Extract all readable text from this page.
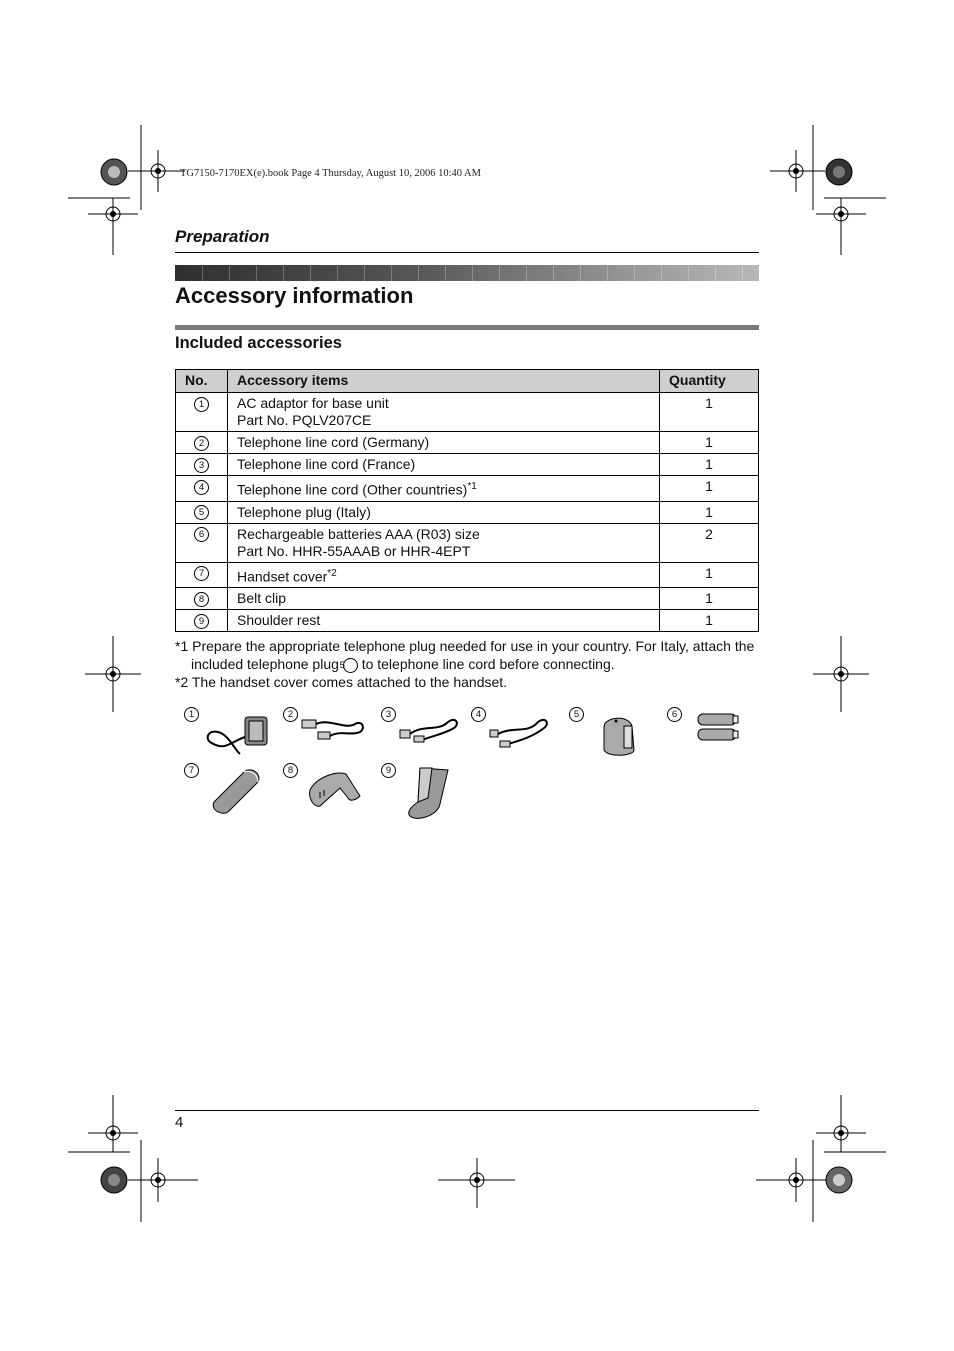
TG7150-7170EX(e).book Page 4 Thursday, August 10, 2006 10:40 AM
Preparation
Accessory information
Included accessories
No.	Accessory items	Quantity
1	AC adaptor for base unit
Part No. PQLV207CE	1
2	Telephone line cord (Germany)	1
3	Telephone line cord (France)	1
4	Telephone line cord (Other countries)$^{*1}$	1
5	Telephone plug (Italy)	1
6	Rechargeable batteries AAA (R03) size
Part No. HHR-55AAAB or HHR-4EPT	2
7	Handset cover$^{*2}$	1
8	Belt clip	1
9	Shoulder rest	1
*1 Prepare the appropriate telephone plug needed for use in your country. For Italy, attach the included telephone plug 5 to telephone line cord before connecting.
*2 The handset cover comes attached to the handset.
1	2	3	4	5	6
7	8	9
4
